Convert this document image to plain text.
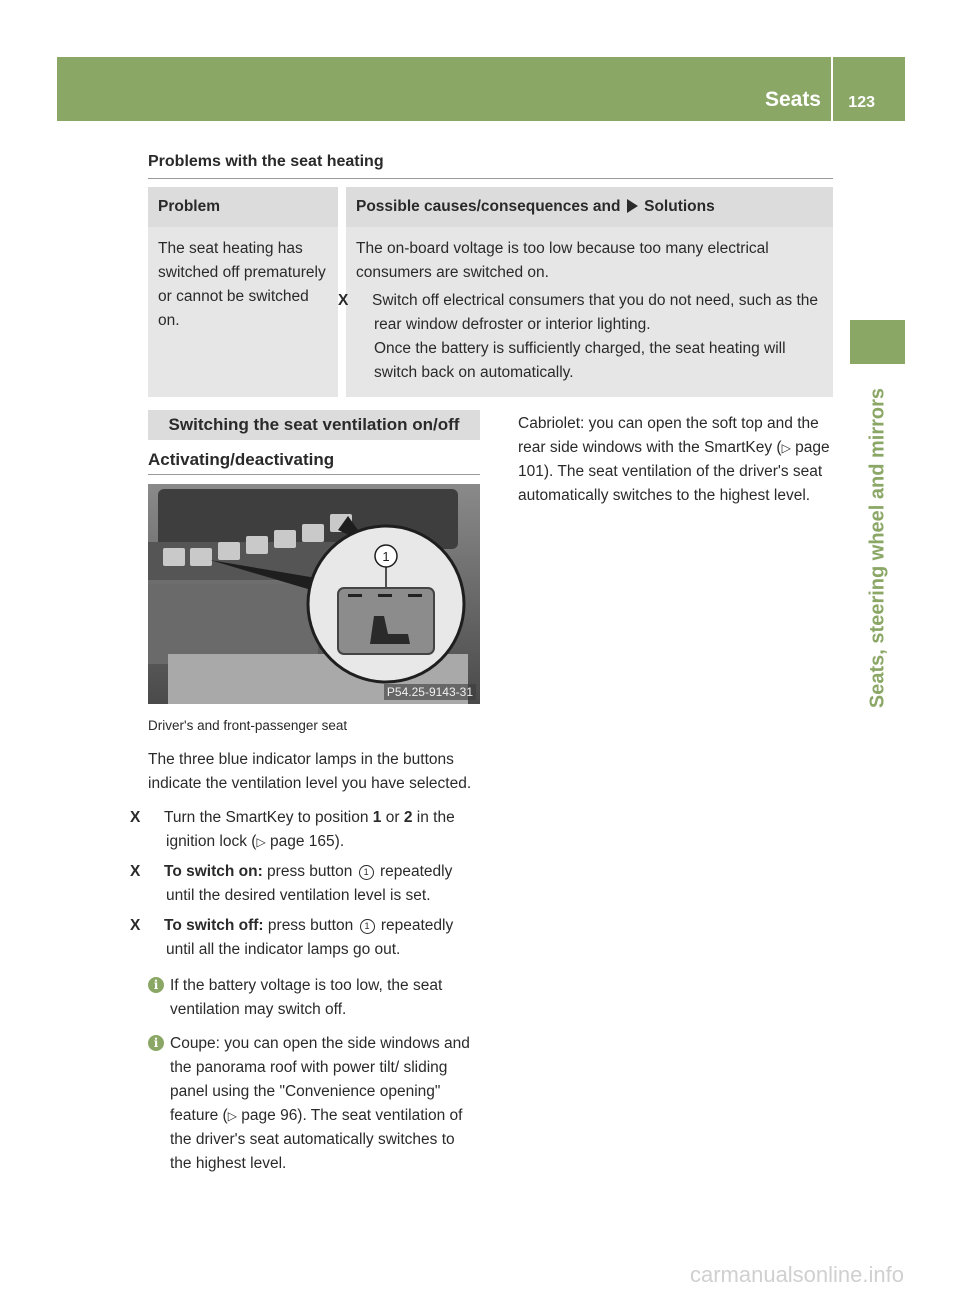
Seats 123
Seats, steering wheel and mirrors
Problems with the seat heating
Problem	Possible causes/consequences and Solutions
The seat heating has switched off prematurely or cannot be switched on.	The on-board voltage is too low because too many electrical consumers are switched on.
X Switch off electrical consumers that you do not need, such as the rear window defroster or interior lighting.
Once the battery is sufficiently charged, the seat heating will switch back on automatically.
Switching the seat ventilation on/off
Activating/deactivating
1
P54.25-9143-31

Driver's and front-passenger seat

The three blue indicator lamps in the buttons indicate the ventilation level you have selected.

X Turn the SmartKey to position 1 or 2 in the ignition lock (▷ page 165).

X To switch on: press button 1 repeatedly until the desired ventilation level is set.

X To switch off: press button 1 repeatedly until all the indicator lamps go out.

i If the battery voltage is too low, the seat ventilation may switch off.

i Coupe: you can open the side windows and the panorama roof with power tilt/ sliding panel using the "Convenience opening" feature (▷ page 96). The seat ventilation of the driver's seat automatically switches to the highest level.

Cabriolet: you can open the soft top and the rear side windows with the SmartKey (▷ page 101). The seat ventilation of the driver's seat automatically switches to the highest level.

carmanualsonline.info
